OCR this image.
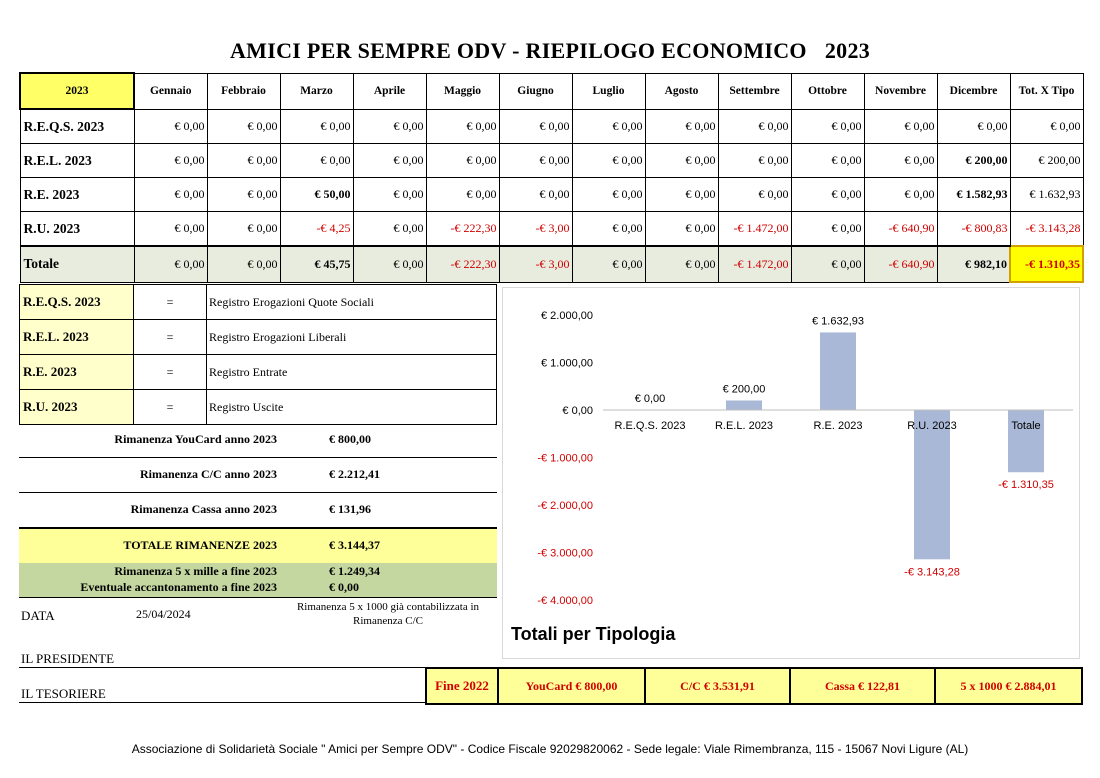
AMICI PER SEMPRE ODV - RIEPILOGO ECONOMICO 2023
2023	Gennaio	Febbraio	Marzo	Aprile	Maggio	Giugno	Luglio	Agosto	Settembre	Ottobre	Novembre	Dicembre	Tot. X Tipo
R.E.Q.S. 2023	€ 0,00	€ 0,00	€ 0,00	€ 0,00	€ 0,00	€ 0,00	€ 0,00	€ 0,00	€ 0,00	€ 0,00	€ 0,00	€ 0,00	€ 0,00
R.E.L. 2023	€ 0,00	€ 0,00	€ 0,00	€ 0,00	€ 0,00	€ 0,00	€ 0,00	€ 0,00	€ 0,00	€ 0,00	€ 0,00	€ 200,00	€ 200,00
R.E. 2023	€ 0,00	€ 0,00	€ 50,00	€ 0,00	€ 0,00	€ 0,00	€ 0,00	€ 0,00	€ 0,00	€ 0,00	€ 0,00	€ 1.582,93	€ 1.632,93
R.U. 2023	€ 0,00	€ 0,00	-€ 4,25	€ 0,00	-€ 222,30	-€ 3,00	€ 0,00	€ 0,00	-€ 1.472,00	€ 0,00	-€ 640,90	-€ 800,83	-€ 3.143,28
Totale	€ 0,00	€ 0,00	€ 45,75	€ 0,00	-€ 222,30	-€ 3,00	€ 0,00	€ 0,00	-€ 1.472,00	€ 0,00	-€ 640,90	€ 982,10	-€ 1.310,35
R.E.Q.S. 2023	=	Registro Erogazioni Quote Sociali
R.E.L. 2023	=	Registro Erogazioni Liberali
R.E. 2023	=	Registro Entrate
R.U. 2023	=	Registro Uscite
Rimanenza YouCard anno 2023	€ 800,00
Rimanenza C/C anno 2023	€ 2.212,41
Rimanenza Cassa anno 2023	€ 131,96
TOTALE RIMANENZE 2023	€ 3.144,37
Rimanenza 5 x mille a fine 2023	€ 1.249,34
Eventuale accantonamento a fine 2023	€ 0,00
DATA	25/04/2024	Rimanenza 5 x 1000 già contabilizzata in Rimanenza C/C
IL PRESIDENTE
IL TESORIERE
Fine 2022	YouCard € 800,00	C/C € 3.531,91	Cassa € 122,81	5 x 1000 € 2.884,01
€ 2.000,00
€ 1.000,00
€ 0,00
-€ 1.000,00
-€ 2.000,00
-€ 3.000,00
-€ 4.000,00
€ 0,00
R.E.Q.S. 2023
€ 200,00
R.E.L. 2023
€ 1.632,93
R.E. 2023
-€ 3.143,28
R.U. 2023
-€ 1.310,35
Totale
Totali per Tipologia
Associazione di Solidarietà Sociale " Amici per Sempre ODV" - Codice Fiscale 92029820062 - Sede legale: Viale Rimembranza, 115 - 15067 Novi Ligure (AL)
